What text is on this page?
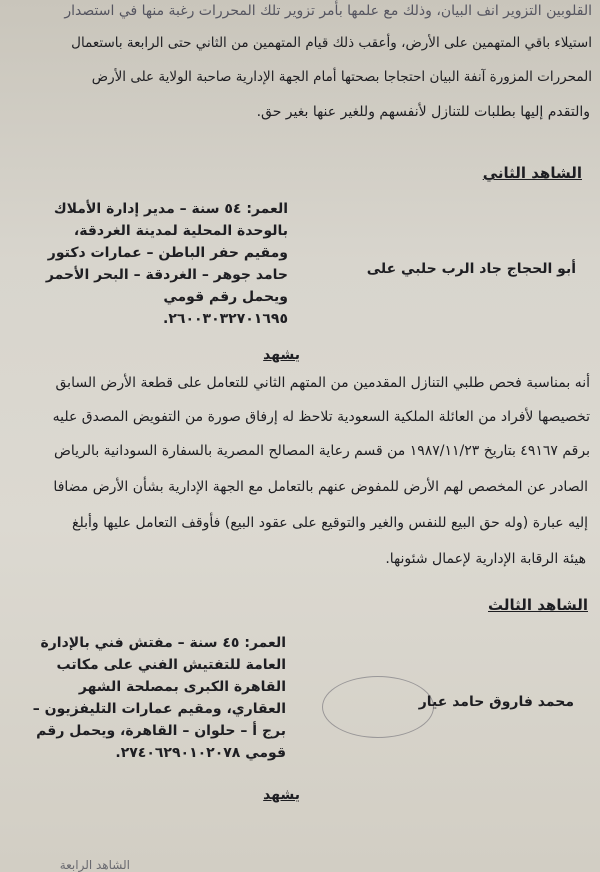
القلوبين التزوير انف البيان، وذلك مع علمها بأمر تزوير تلك المحررات رغبة منها في استصدار
استيلاء باقي المتهمين على الأرض، وأعقب ذلك قيام المتهمين من الثاني حتى الرابعة باستعمال
المحررات المزورة آنفة البيان احتجاجا بصحتها أمام الجهة الإدارية صاحبة الولاية على الأرض
والتقدم إليها بطلبات للتنازل لأنفسهم وللغير عنها بغير حق.
الشاهد الثاني
العمر: ٥٤ سنة – مدير إدارة الأملاك
بالوحدة المحلية لمدينة الغردقة،
ومقيم حفر الباطن – عمارات دكتور
حامد جوهر – الغردقة – البحر الأحمر
ويحمل رقم قومي
٢٦٠٠٣٠٣٢٧٠١٦٩٥.
أبو الحجاج جاد الرب حلبي على
يشهد
أنه بمناسبة فحص طلبي التنازل المقدمين من المتهم الثاني للتعامل على قطعة الأرض السابق
تخصيصها لأفراد من العائلة الملكية السعودية تلاحظ له إرفاق صورة من التفويض المصدق عليه
برقم ٤٩١٦٧ بتاريخ ١٩٨٧/١١/٢٣ من قسم رعاية المصالح المصرية بالسفارة السودانية بالرياض
الصادر عن المخصص لهم الأرض للمفوض عنهم بالتعامل مع الجهة الإدارية بشأن الأرض مضافا
إليه عبارة (وله حق البيع للنفس والغير والتوقيع على عقود البيع) فأوقف التعامل عليها وأبلغ
هيئة الرقابة الإدارية لإعمال شئونها.
الشاهد الثالث
العمر: ٤٥ سنة – مفتش فني بالإدارة
العامة للتفتيش الفني على مكاتب
القاهرة الكبرى بمصلحة الشهر
العقاري، ومقيم عمارات التليفزيون –
برج أ – حلوان – القاهرة، ويحمل رقم
قومي ٢٧٤٠٦٢٩٠١٠٢٠٧٨.
محمد فاروق حامد عيار
يشهد
الشاهد الرابعة
